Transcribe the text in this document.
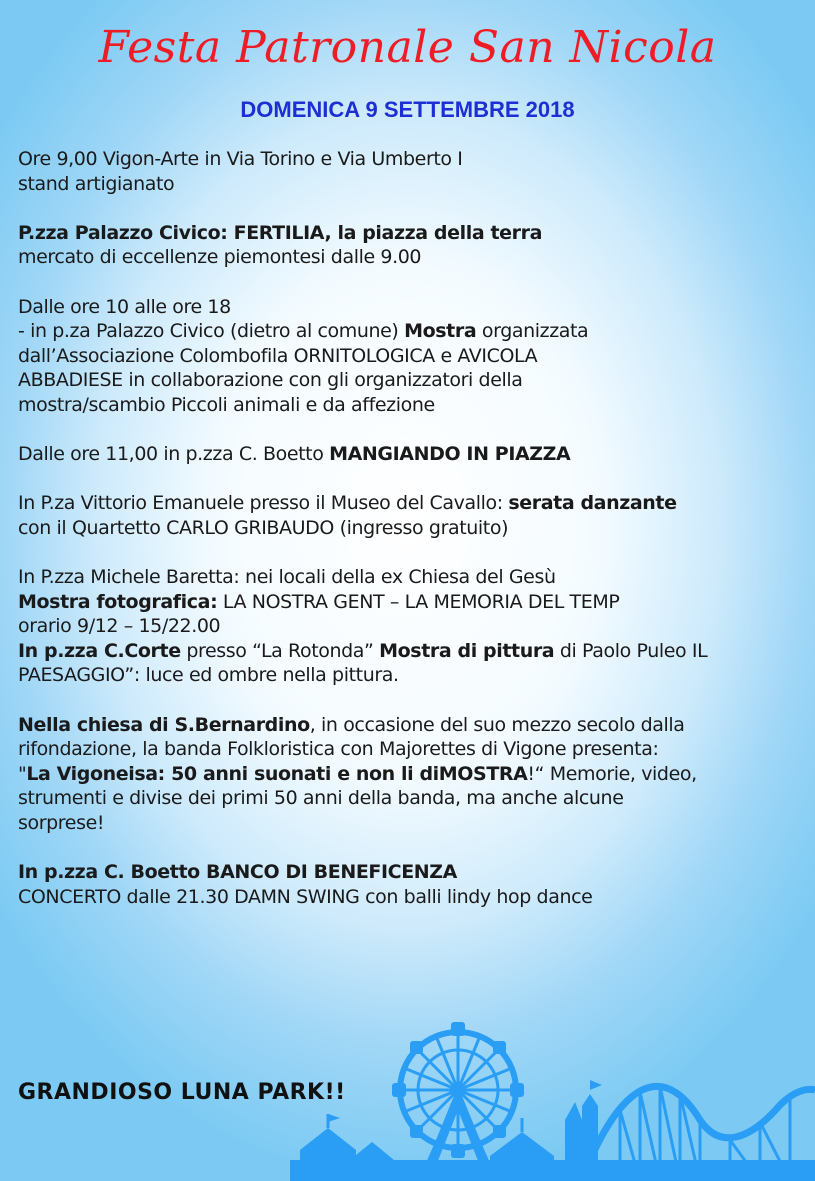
Festa Patronale San Nicola
DOMENICA 9 SETTEMBRE 2018
Ore 9,00 Vigon-Arte in Via Torino e Via Umberto I
stand artigianato
P.zza Palazzo Civico: FERTILIA, la piazza della terra
mercato di eccellenze piemontesi dalle 9.00
Dalle ore 10 alle ore 18
- in p.za Palazzo Civico (dietro al comune) Mostra organizzata
dall’Associazione Colombofila ORNITOLOGICA e AVICOLA
ABBADIESE in collaborazione con gli organizzatori della
mostra/scambio Piccoli animali e da affezione
Dalle ore 11,00 in p.zza C. Boetto MANGIANDO IN PIAZZA
In P.za Vittorio Emanuele presso il Museo del Cavallo: serata danzante
con il Quartetto CARLO GRIBAUDO (ingresso gratuito)
In P.zza Michele Baretta: nei locali della ex Chiesa del Gesù
Mostra fotografica: LA NOSTRA GENT – LA MEMORIA DEL TEMP
orario 9/12 – 15/22.00
In p.zza C.Corte presso “La Rotonda” Mostra di pittura di Paolo Puleo IL
PAESAGGIO”: luce ed ombre nella pittura.
Nella chiesa di S.Bernardino, in occasione del suo mezzo secolo dalla
rifondazione, la banda Folkloristica con Majorettes di Vigone presenta:
"La Vigoneisa: 50 anni suonati e non li diMOSTRA!“ Memorie, video,
strumenti e divise dei primi 50 anni della banda, ma anche alcune
sorprese!
In p.zza C. Boetto BANCO DI BENEFICENZA
CONCERTO dalle 21.30 DAMN SWING con balli lindy hop dance
GRANDIOSO LUNA PARK!!
